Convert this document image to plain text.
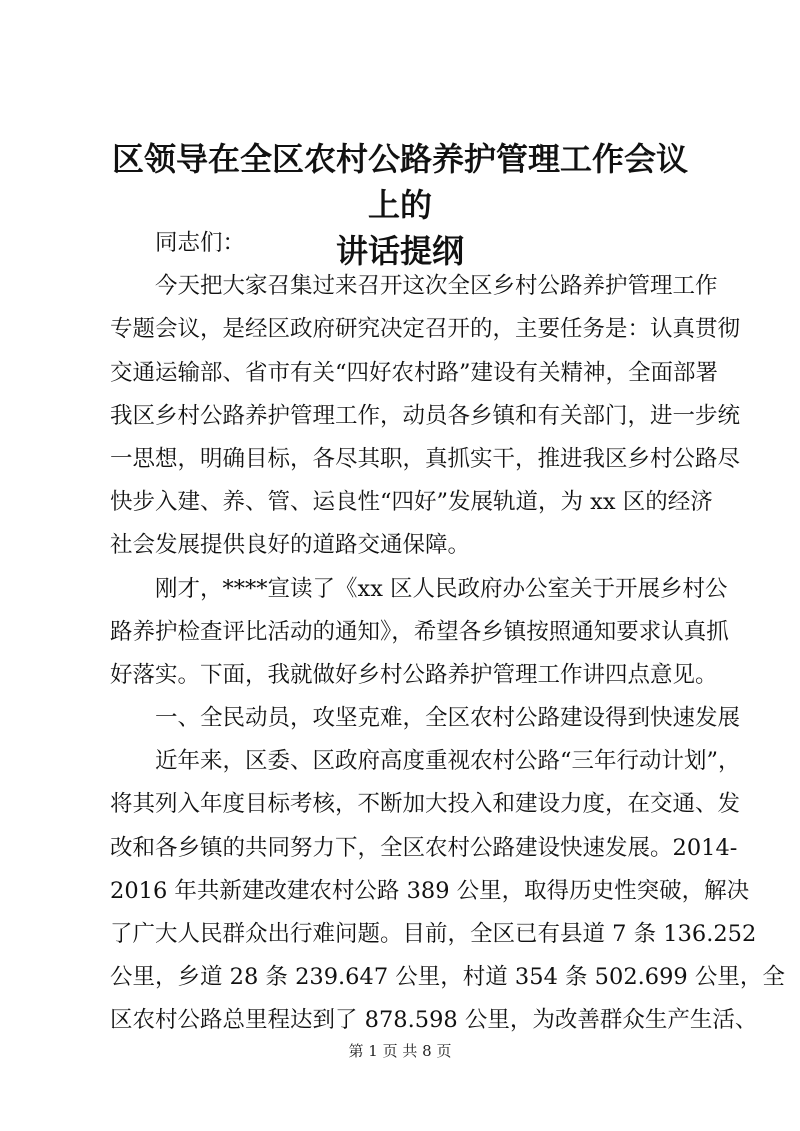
区领导在全区农村公路养护管理工作会议上的
讲话提纲
同志们：
今天把大家召集过来召开这次全区乡村公路养护管理工作
专题会议，是经区政府研究决定召开的，主要任务是：认真贯彻
交通运输部、省市有关“四好农村路”建设有关精神，全面部署
我区乡村公路养护管理工作，动员各乡镇和有关部门，进一步统
一思想，明确目标，各尽其职，真抓实干，推进我区乡村公路尽
快步入建、养、管、运良性“四好”发展轨道，为 xx 区的经济
社会发展提供良好的道路交通保障。
刚才，****宣读了《xx 区人民政府办公室关于开展乡村公
路养护检查评比活动的通知》，希望各乡镇按照通知要求认真抓
好落实。下面，我就做好乡村公路养护管理工作讲四点意见。
一、全民动员，攻坚克难，全区农村公路建设得到快速发展
近年来，区委、区政府高度重视农村公路“三年行动计划”，
将其列入年度目标考核，不断加大投入和建设力度，在交通、发
改和各乡镇的共同努力下，全区农村公路建设快速发展。2014-
2016 年共新建改建农村公路 389 公里，取得历史性突破，解决
了广大人民群众出行难问题。目前，全区已有县道 7 条 136.252
公里，乡道 28 条 239.647 公里，村道 354 条 502.699 公里，全
区农村公路总里程达到了 878.598 公里，为改善群众生产生活、
第 1 页 共 8 页
